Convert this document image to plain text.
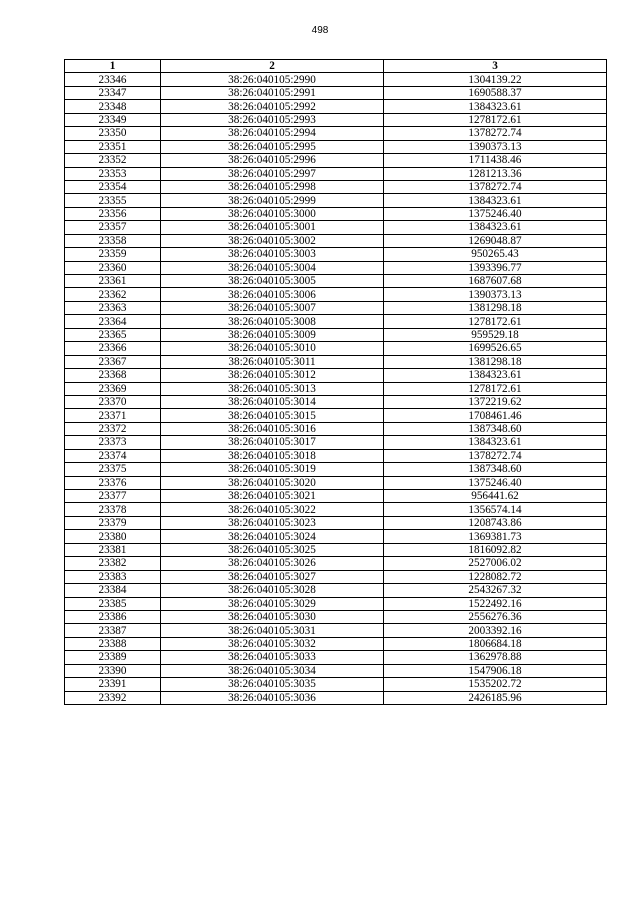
498
1	2	3
23346	38:26:040105:2990	1304139.22
23347	38:26:040105:2991	1690588.37
23348	38:26:040105:2992	1384323.61
23349	38:26:040105:2993	1278172.61
23350	38:26:040105:2994	1378272.74
23351	38:26:040105:2995	1390373.13
23352	38:26:040105:2996	1711438.46
23353	38:26:040105:2997	1281213.36
23354	38:26:040105:2998	1378272.74
23355	38:26:040105:2999	1384323.61
23356	38:26:040105:3000	1375246.40
23357	38:26:040105:3001	1384323.61
23358	38:26:040105:3002	1269048.87
23359	38:26:040105:3003	950265.43
23360	38:26:040105:3004	1393396.77
23361	38:26:040105:3005	1687607.68
23362	38:26:040105:3006	1390373.13
23363	38:26:040105:3007	1381298.18
23364	38:26:040105:3008	1278172.61
23365	38:26:040105:3009	959529.18
23366	38:26:040105:3010	1699526.65
23367	38:26:040105:3011	1381298.18
23368	38:26:040105:3012	1384323.61
23369	38:26:040105:3013	1278172.61
23370	38:26:040105:3014	1372219.62
23371	38:26:040105:3015	1708461.46
23372	38:26:040105:3016	1387348.60
23373	38:26:040105:3017	1384323.61
23374	38:26:040105:3018	1378272.74
23375	38:26:040105:3019	1387348.60
23376	38:26:040105:3020	1375246.40
23377	38:26:040105:3021	956441.62
23378	38:26:040105:3022	1356574.14
23379	38:26:040105:3023	1208743.86
23380	38:26:040105:3024	1369381.73
23381	38:26:040105:3025	1816092.82
23382	38:26:040105:3026	2527006.02
23383	38:26:040105:3027	1228082.72
23384	38:26:040105:3028	2543267.32
23385	38:26:040105:3029	1522492.16
23386	38:26:040105:3030	2556276.36
23387	38:26:040105:3031	2003392.16
23388	38:26:040105:3032	1806684.18
23389	38:26:040105:3033	1362978.88
23390	38:26:040105:3034	1547906.18
23391	38:26:040105:3035	1535202.72
23392	38:26:040105:3036	2426185.96
